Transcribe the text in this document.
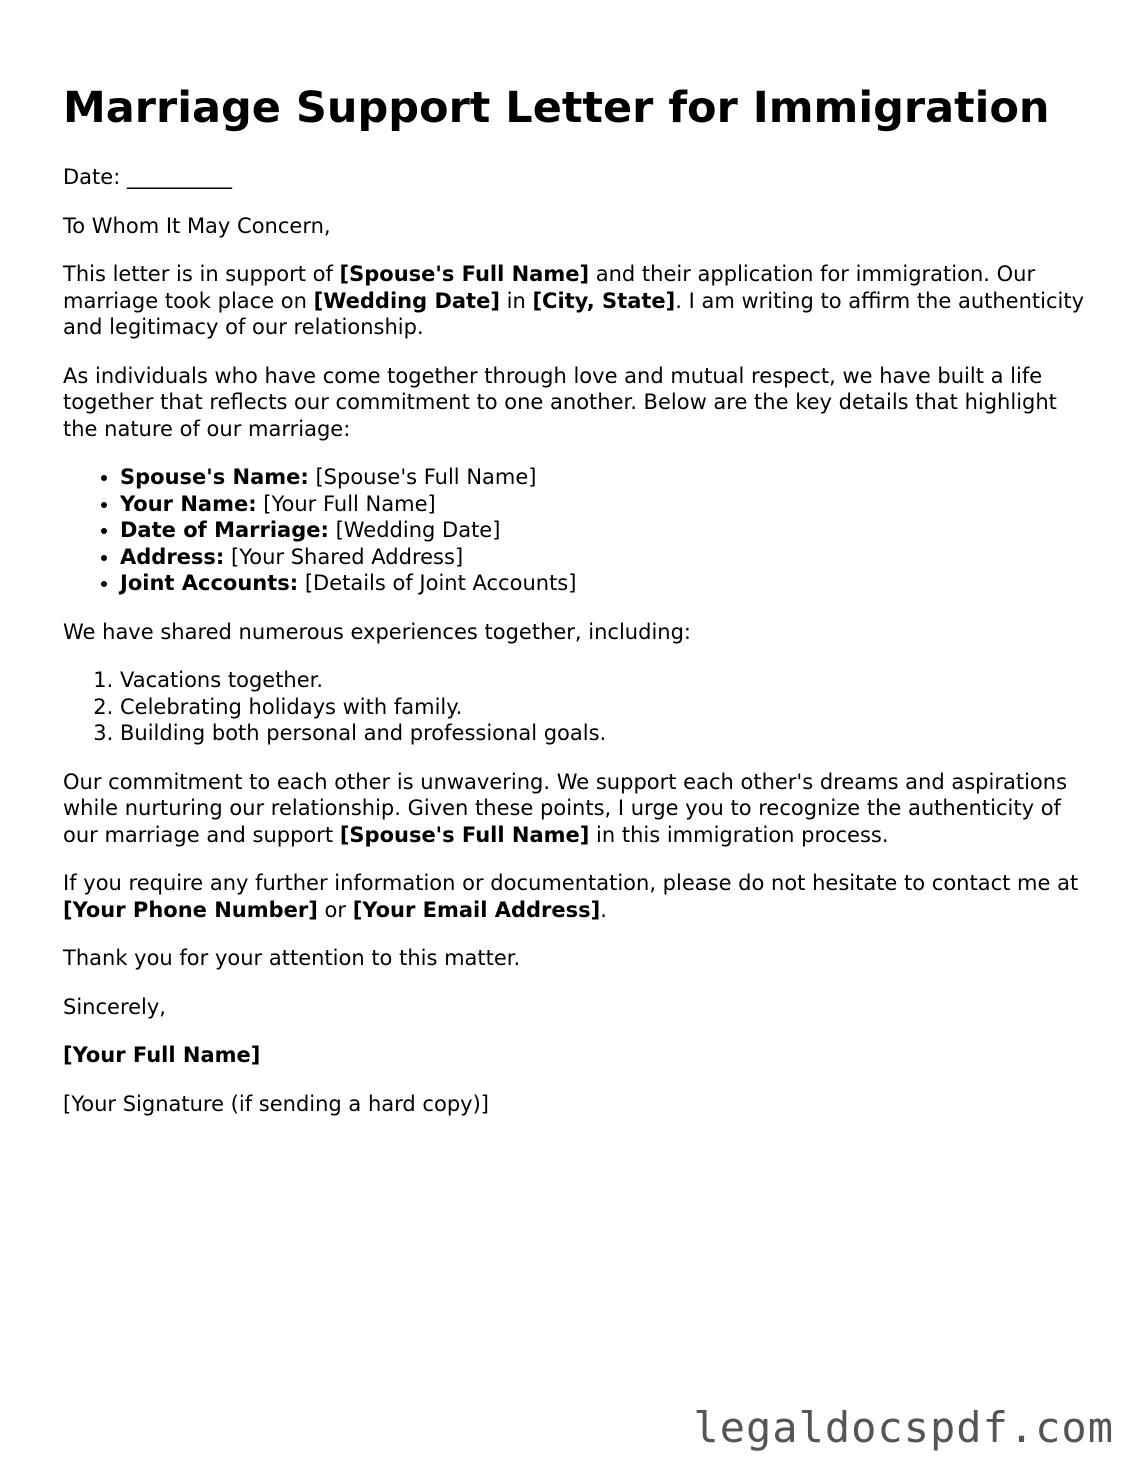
Marriage Support Letter for Immigration

Date: __________

To Whom It May Concern,

This letter is in support of [Spouse's Full Name] and their application for immigration. Our marriage took place on [Wedding Date] in [City, State]. I am writing to affirm the authenticity and legitimacy of our relationship.

As individuals who have come together through love and mutual respect, we have built a life together that reflects our commitment to one another. Below are the key details that highlight the nature of our marriage:

• Spouse's Name: [Spouse's Full Name]
• Your Name: [Your Full Name]
• Date of Marriage: [Wedding Date]
• Address: [Your Shared Address]
• Joint Accounts: [Details of Joint Accounts]

We have shared numerous experiences together, including:

1. Vacations together.
2. Celebrating holidays with family.
3. Building both personal and professional goals.

Our commitment to each other is unwavering. We support each other's dreams and aspirations while nurturing our relationship. Given these points, I urge you to recognize the authenticity of our marriage and support [Spouse's Full Name] in this immigration process.

If you require any further information or documentation, please do not hesitate to contact me at [Your Phone Number] or [Your Email Address].

Thank you for your attention to this matter.

Sincerely,

[Your Full Name]

[Your Signature (if sending a hard copy)]

legaldocspdf.com
